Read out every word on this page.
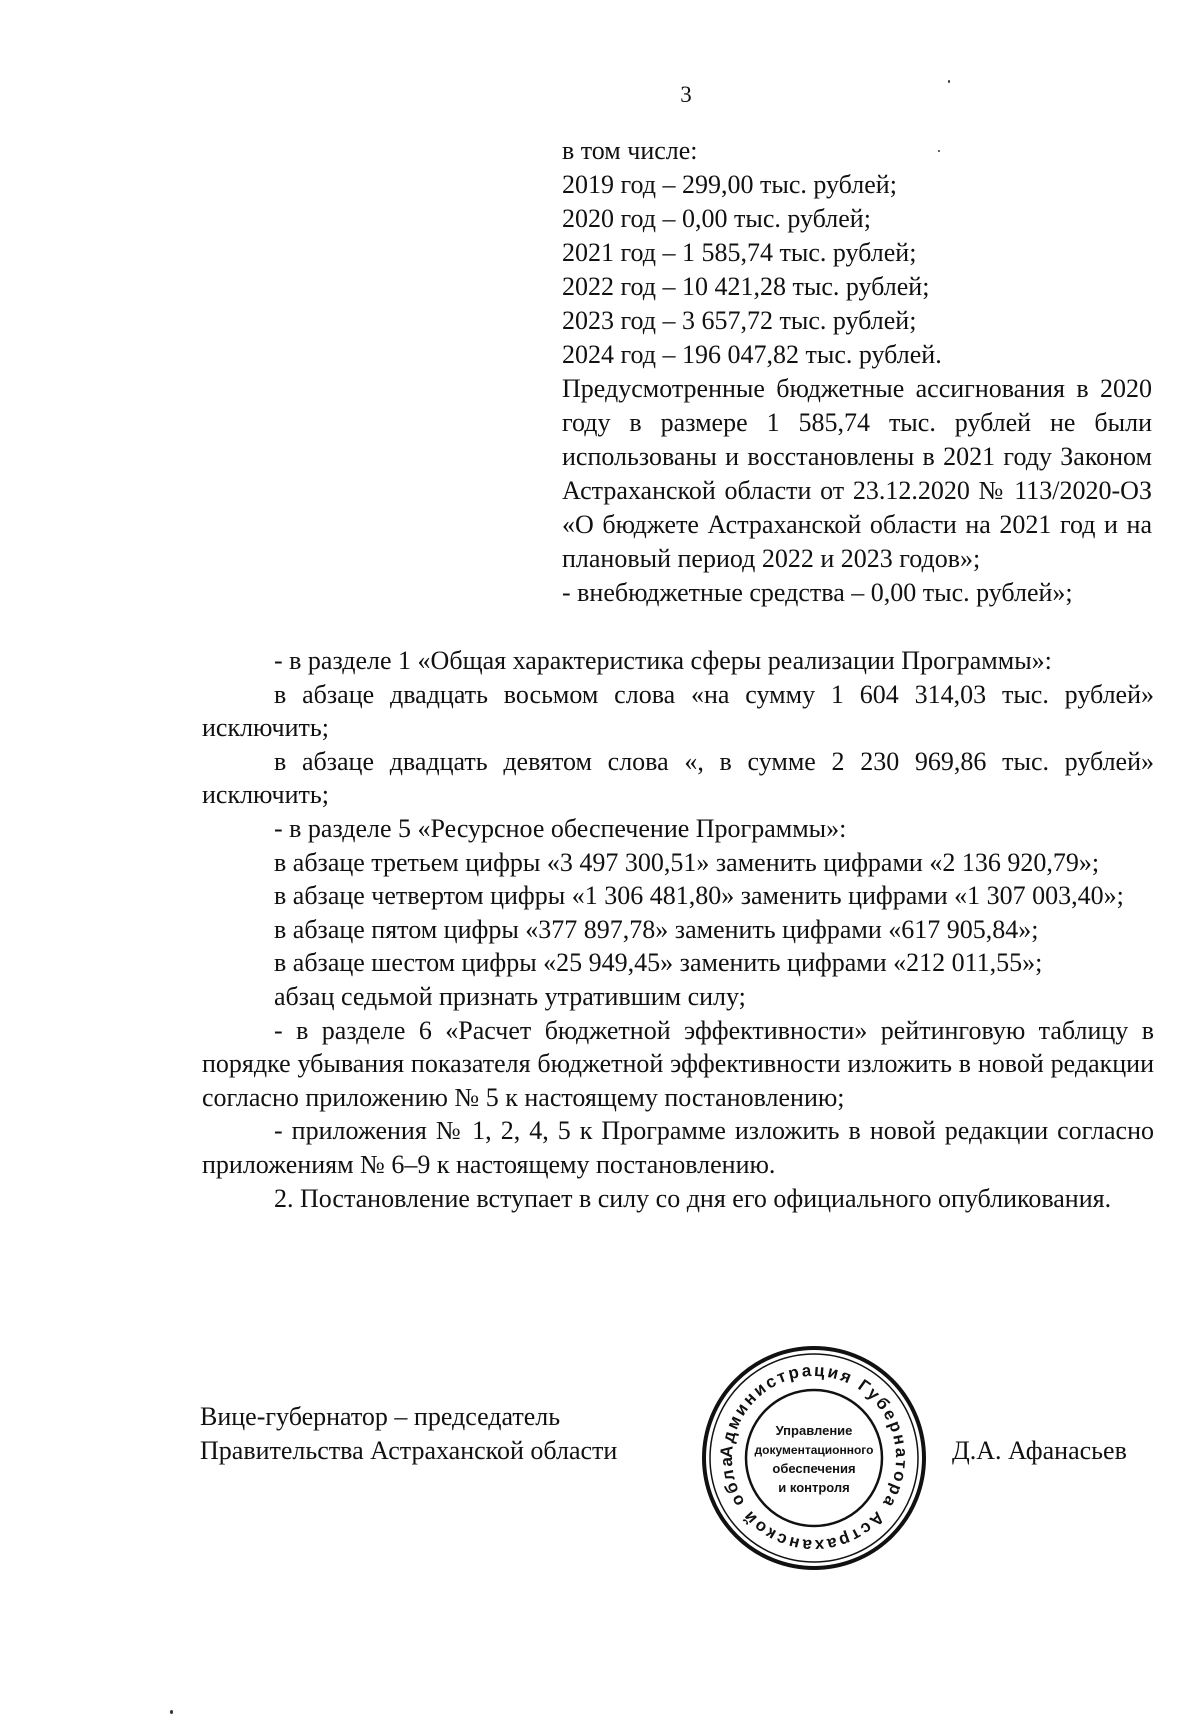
3
в том числе:
2019 год – 299,00 тыс. рублей;
2020 год – 0,00 тыс. рублей;
2021 год – 1 585,74 тыс. рублей;
2022 год – 10 421,28 тыс. рублей;
2023 год – 3 657,72 тыс. рублей;
2024 год – 196 047,82 тыс. рублей.
Предусмотренные бюджетные ассигнования в 2020 году в размере 1 585,74 тыс. рублей не были использованы и восстановлены в 2021 году Законом Астраханской области от 23.12.2020 № 113/2020-ОЗ «О бюджете Астраханской области на 2021 год и на плановый период 2022 и 2023 годов»;
- внебюджетные средства – 0,00 тыс. рублей»;

- в разделе 1 «Общая характеристика сферы реализации Программы»:

в абзаце двадцать восьмом слова «на сумму 1 604 314,03 тыс. рублей» исключить;

в абзаце двадцать девятом слова «, в сумме 2 230 969,86 тыс. рублей» исключить;

- в разделе 5 «Ресурсное обеспечение Программы»:

в абзаце третьем цифры «3 497 300,51» заменить цифрами «2 136 920,79»;

в абзаце четвертом цифры «1 306 481,80» заменить цифрами «1 307 003,40»;

в абзаце пятом цифры «377 897,78» заменить цифрами «617 905,84»;

в абзаце шестом цифры «25 949,45» заменить цифрами «212 011,55»;

абзац седьмой признать утратившим силу;

- в разделе 6 «Расчет бюджетной эффективности» рейтинговую таблицу в порядке убывания показателя бюджетной эффективности изложить в новой редакции согласно приложению № 5 к настоящему постановлению;

- приложения № 1, 2, 4, 5 к Программе изложить в новой редакции согласно приложениям № 6–9 к настоящему постановлению.

2. Постановление вступает в силу со дня его официального опубликования.

Вице-губернатор – председатель
Правительства Астраханской области	Д.А. Афанасьев
Администрация Губернатора Астраханской обла
Управление
документационного
обеспечения
и контроля
